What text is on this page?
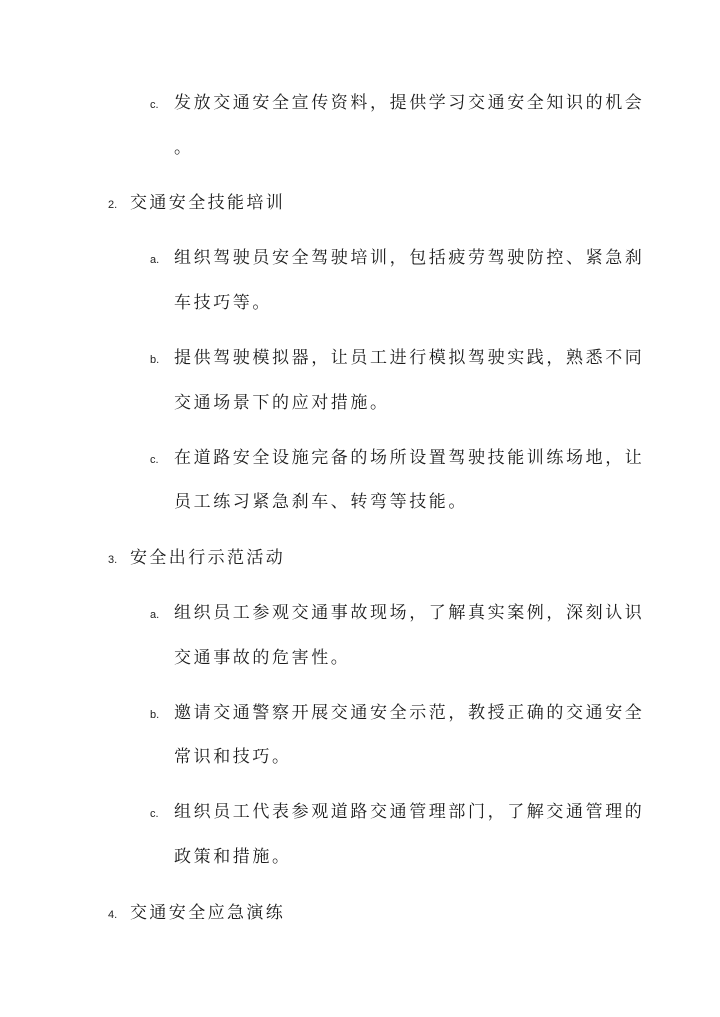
c. 发放交通安全宣传资料，提供学习交通安全知识的机会
。
2. 交通安全技能培训
a. 组织驾驶员安全驾驶培训，包括疲劳驾驶防控、紧急刹
车技巧等。
b. 提供驾驶模拟器，让员工进行模拟驾驶实践，熟悉不同
交通场景下的应对措施。
c. 在道路安全设施完备的场所设置驾驶技能训练场地，让
员工练习紧急刹车、转弯等技能。
3. 安全出行示范活动
a. 组织员工参观交通事故现场，了解真实案例，深刻认识
交通事故的危害性。
b. 邀请交通警察开展交通安全示范，教授正确的交通安全
常识和技巧。
c. 组织员工代表参观道路交通管理部门，了解交通管理的
政策和措施。
4. 交通安全应急演练
